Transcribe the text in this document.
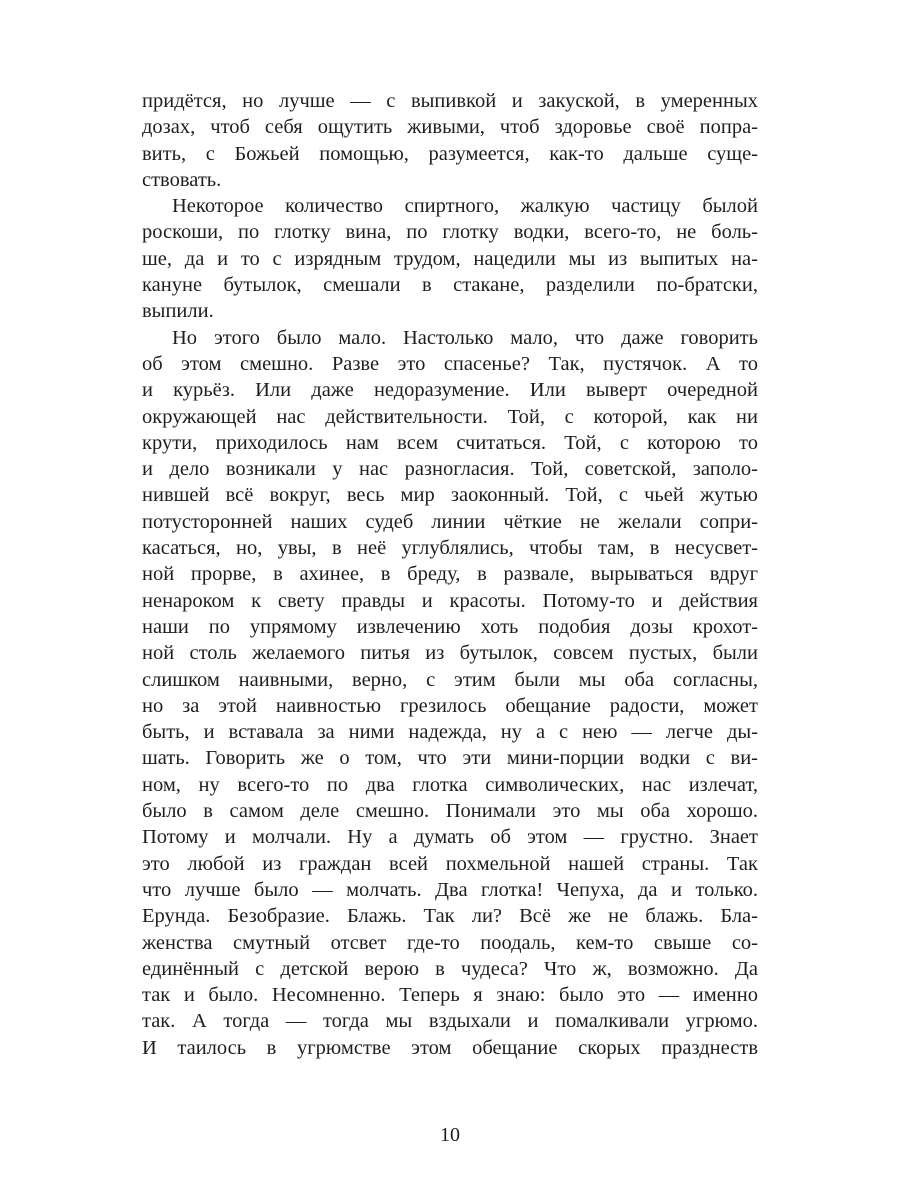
придётся, но лучше — с выпивкой и закуской, в умеренных
дозах, чтоб себя ощутить живыми, чтоб здоровье своё попра-
вить, с Божьей помощью, разумеется, как-то дальше суще-
ствовать.
Некоторое количество спиртного, жалкую частицу былой
роскоши, по глотку вина, по глотку водки, всего-то, не боль-
ше, да и то с изрядным трудом, нацедили мы из выпитых на-
кануне бутылок, смешали в стакане, разделили по-братски,
выпили.
Но этого было мало. Настолько мало, что даже говорить
об этом смешно. Разве это спасенье? Так, пустячок. А то
и курьёз. Или даже недоразумение. Или выверт очередной
окружающей нас действительности. Той, с которой, как ни
крути, приходилось нам всем считаться. Той, с которою то
и дело возникали у нас разногласия. Той, советской, заполо-
нившей всё вокруг, весь мир заоконный. Той, с чьей жутью
потусторонней наших судеб линии чёткие не желали сопри-
касаться, но, увы, в неё углублялись, чтобы там, в несусвет-
ной прорве, в ахинее, в бреду, в развале, вырываться вдруг
ненароком к свету правды и красоты. Потому-то и действия
наши по упрямому извлечению хоть подобия дозы крохот-
ной столь желаемого питья из бутылок, совсем пустых, были
слишком наивными, верно, с этим были мы оба согласны,
но за этой наивностью грезилось обещание радости, может
быть, и вставала за ними надежда, ну а с нею — легче ды-
шать. Говорить же о том, что эти мини-порции водки с ви-
ном, ну всего-то по два глотка символических, нас излечат,
было в самом деле смешно. Понимали это мы оба хорошо.
Потому и молчали. Ну а думать об этом — грустно. Знает
это любой из граждан всей похмельной нашей страны. Так
что лучше было — молчать. Два глотка! Чепуха, да и только.
Ерунда. Безобразие. Блажь. Так ли? Всё же не блажь. Бла-
женства смутный отсвет где-то поодаль, кем-то свыше со-
единённый с детской верою в чудеса? Что ж, возможно. Да
так и было. Несомненно. Теперь я знаю: было это — именно
так. А тогда — тогда мы вздыхали и помалкивали угрюмо.
И таилось в угрюмстве этом обещание скорых празднеств
10
